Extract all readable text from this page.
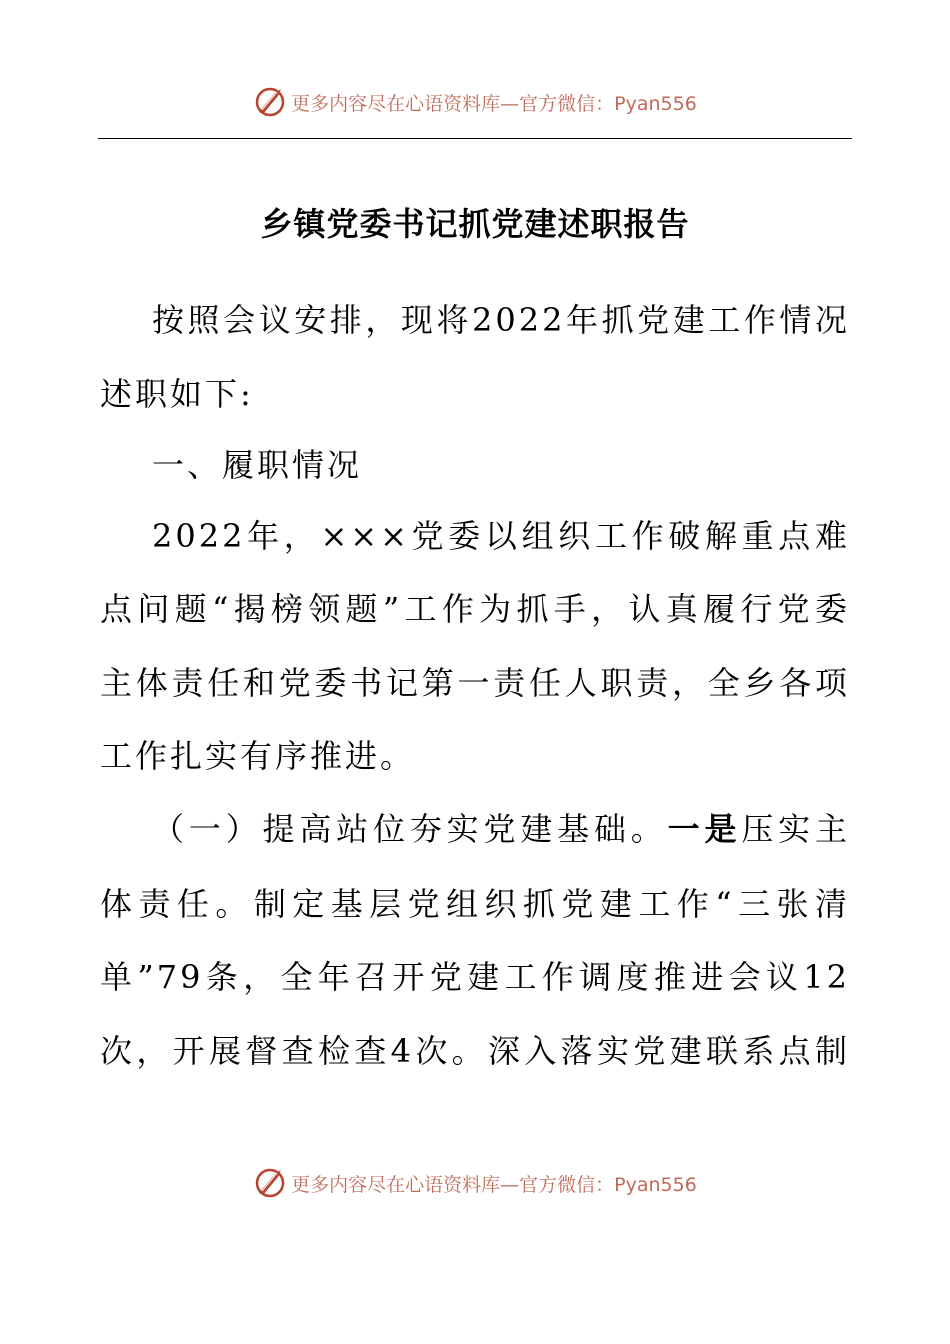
更多内容尽在心语资料库—官方微信：Pyan556
乡镇党委书记抓党建述职报告
按照会议安排，现将2022年抓党建工作情况
述职如下:
一、履职情况
2022年，×××党委以组织工作破解重点难
点问题“揭榜领题”工作为抓手，认真履行党委
主体责任和党委书记第一责任人职责，全乡各项
工作扎实有序推进。
（一）提高站位夯实党建基础。一是压实主
体责任。制定基层党组织抓党建工作“三张清
单”79条，全年召开党建工作调度推进会议12
次，开展督查检查4次。深入落实党建联系点制
更多内容尽在心语资料库—官方微信：Pyan556
